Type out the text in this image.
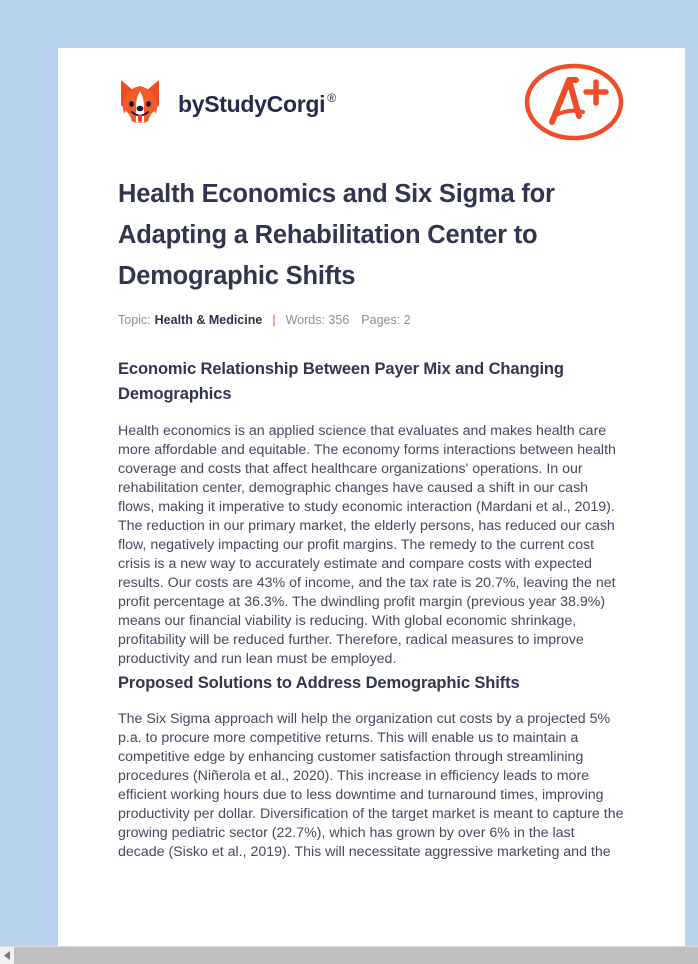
by StudyCorgi ®
Health Economics and Six Sigma for Adapting a Rehabilitation Center to Demographic Shifts
Topic: Health & Medicine | Words: 356 Pages: 2
Economic Relationship Between Payer Mix and Changing Demographics

Health economics is an applied science that evaluates and makes health care more affordable and equitable. The economy forms interactions between health coverage and costs that affect healthcare organizations' operations. In our rehabilitation center, demographic changes have caused a shift in our cash flows, making it imperative to study economic interaction (Mardani et al., 2019). The reduction in our primary market, the elderly persons, has reduced our cash flow, negatively impacting our profit margins. The remedy to the current cost crisis is a new way to accurately estimate and compare costs with expected results. Our costs are 43% of income, and the tax rate is 20.7%, leaving the net profit percentage at 36.3%. The dwindling profit margin (previous year 38.9%) means our financial viability is reducing. With global economic shrinkage, profitability will be reduced further. Therefore, radical measures to improve productivity and run lean must be employed.

Proposed Solutions to Address Demographic Shifts

The Six Sigma approach will help the organization cut costs by a projected 5% p.a. to procure more competitive returns. This will enable us to maintain a competitive edge by enhancing customer satisfaction through streamlining procedures (Niñerola et al., 2020). This increase in efficiency leads to more efficient working hours due to less downtime and turnaround times, improving productivity per dollar. Diversification of the target market is meant to capture the growing pediatric sector (22.7%), which has grown by over 6% in the last decade (Sisko et al., 2019). This will necessitate aggressive marketing and the
